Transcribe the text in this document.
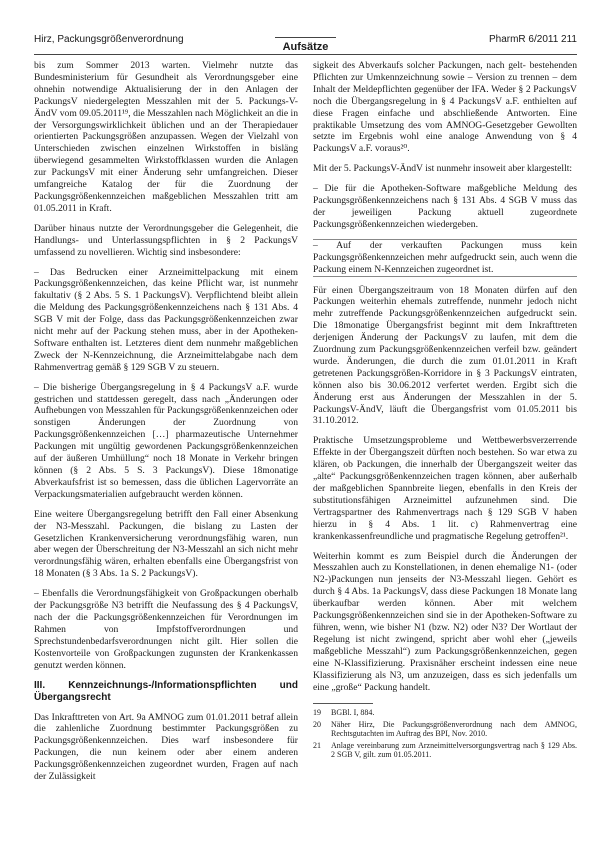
Hirz, Packungsgrößenverordnung
Aufsätze
PharmR 6/2011 211

bis zum Sommer 2013 warten. Vielmehr nutzte das Bundesministerium für Gesundheit als Verordnungsgeber eine ohnehin notwendige Aktualisierung der in den Anlagen der PackungsV niedergelegten Messzahlen mit der 5. Packungs-V-ÄndV vom 09.05.2011¹⁹, die Messzahlen nach Möglichkeit an die in der Versorgungswirklichkeit üblichen und an der Therapiedauer orientierten Packungsgrößen anzupassen. Wegen der Vielzahl von Unterschieden zwischen einzelnen Wirkstoffen in bisläng überwiegend gesammelten Wirkstoffklassen wurden die Anlagen zur PackungsV mit einer Änderung sehr umfangreichen. Dieser umfangreiche Katalog der für die Zuordnung der Packungsgrößenkennzeichen maßgeblichen Messzahlen tritt am 01.05.2011 in Kraft.

Darüber hinaus nutzte der Verordnungsgeber die Gelegenheit, die Handlungs- und Unterlassungspflichten in § 2 PackungsV umfassend zu novellieren. Wichtig sind insbesondere:

– Das Bedrucken einer Arzneimittelpackung mit einem Packungsgrößenkennzeichen, das keine Pflicht war, ist nunmehr fakultativ (§ 2 Abs. 5 S. 1 PackungsV). Verpflichtend bleibt allein die Meldung des Packungsgrößenkennzeichens nach § 131 Abs. 4 SGB V mit der Folge, dass das Packungsgrößenkennzeichen zwar nicht mehr auf der Packung stehen muss, aber in der Apotheken-Software enthalten ist. Letzteres dient dem nunmehr maßgeblichen Zweck der N-Kennzeichnung, die Arzneimittelabgabe nach dem Rahmenvertrag gemäß § 129 SGB V zu steuern.

– Die bisherige Übergangsregelung in § 4 PackungsV a.F. wurde gestrichen und stattdessen geregelt, dass nach „Änderungen oder Aufhebungen von Messzahlen für Packungsgrößenkennzeichen oder sonstigen Änderungen der Zuordnung von Packungsgrößenkennzeichen […] pharmazeutische Unternehmer Packungen mit ungültig gewordenen Packungsgrößenkennzeichen auf der äußeren Umhüllung“ noch 18 Monate in Verkehr bringen können (§ 2 Abs. 5 S. 3 PackungsV). Diese 18monatige Abverkaufsfrist ist so bemessen, dass die üblichen Lagervorräte an Verpackungsmaterialien aufgebraucht werden können.

Eine weitere Übergangsregelung betrifft den Fall einer Absenkung der N3-Messzahl. Packungen, die bislang zu Lasten der Gesetzlichen Krankenversicherung verordnungsfähig waren, nun aber wegen der Überschreitung der N3-Messzahl an sich nicht mehr verordnungsfähig wären, erhalten ebenfalls eine Übergangsfrist von 18 Monaten (§ 3 Abs. 1a S. 2 PackungsV).

– Ebenfalls die Verordnungsfähigkeit von Großpackungen oberhalb der Packungsgröße N3 betrifft die Neufassung des § 4 PackungsV, nach der die Packungsgrößenkennzeichen für Verordnungen im Rahmen von Impfstoffverordnungen und Sprechstundenbedarfsverordnungen nicht gilt. Hier sollen die Kostenvorteile von Großpackungen zugunsten der Krankenkassen genutzt werden können.

III. Kennzeichnungs-/Informationspflichten und Übergangsrecht

Das Inkrafttreten von Art. 9a AMNOG zum 01.01.2011 betraf allein die zahlenliche Zuordnung bestimmter Packungsgrößen zu Packungsgrößenkennzeichen. Dies warf insbesondere für Packungen, die nun keinem oder aber einem anderen Packungsgrößenkennzeichen zugeordnet wurden, Fragen auf nach der Zulässigkeit

sigkeit des Abverkaufs solcher Packungen, nach gelt- bestehenden Pflichten zur Umkennzeichnung sowie – Version zu trennen – dem Inhalt der Meldepflichten gegenüber der IFA. Weder § 2 PackungsV noch die Übergangsregelung in § 4 PackungsV a.F. enthielten auf diese Fragen einfache und abschließende Antworten. Eine praktikable Umsetzung des vom AMNOG-Gesetzgeber Gewollten setzte im Ergebnis wohl eine analoge Anwendung von § 4 PackungsV a.F. voraus²⁰.

Mit der 5. PackungsV-ÄndV ist nunmehr insoweit aber klargestellt:

– Die für die Apotheken-Software maßgebliche Meldung des Packungsgrößenkennzeichens nach § 131 Abs. 4 SGB V muss das der jeweiligen Packung aktuell zugeordnete Packungsgrößenkennzeichen wiedergeben.

– Auf der verkauften Packungen muss kein Packungsgrößenkennzeichen mehr aufgedruckt sein, auch wenn die Packung einem N-Kennzeichen zugeordnet ist.

Für einen Übergangszeitraum von 18 Monaten dürfen auf den Packungen weiterhin ehemals zutreffende, nunmehr jedoch nicht mehr zutreffende Packungsgrößenkennzeichen aufgedruckt sein. Die 18monatige Übergangsfrist beginnt mit dem Inkrafttreten derjenigen Änderung der PackungsV zu laufen, mit dem die Zuordnung zum Packungsgrößenkennzeichen verfeil bzw. geändert wurde. Änderungen, die durch die zum 01.01.2011 in Kraft getretenen Packungsgrößen-Korridore in § 3 PackungsV eintraten, können also bis 30.06.2012 verfertet werden. Ergibt sich die Änderung erst aus Änderungen der Messzahlen in der 5. PackungsV-ÄndV, läuft die Übergangsfrist vom 01.05.2011 bis 31.10.2012.

Praktische Umsetzungsprobleme und Wettbewerbsverzerrende Effekte in der Übergangszeit dürften noch bestehen. So war etwa zu klären, ob Packungen, die innerhalb der Übergangszeit weiter das „alte“ Packungsgrößenkennzeichen tragen können, aber außerhalb der maßgeblichen Spannbreite liegen, ebenfalls in den Kreis der substitutionsfähigen Arzneimittel aufzunehmen sind. Die Vertragspartner des Rahmenvertrags nach § 129 SGB V haben hierzu in § 4 Abs. 1 lit. c) Rahmenvertrag eine krankenkassenfreundliche und pragmatische Regelung getroffen²¹.

Weiterhin kommt es zum Beispiel durch die Änderungen der Messzahlen auch zu Konstellationen, in denen ehemalige N1- (oder N2-)Packungen nun jenseits der N3-Messzahl liegen. Gehört es durch § 4 Abs. 1a PackungsV, dass diese Packungen 18 Monate lang überkaufbar werden können. Aber mit welchem Packungsgrößenkennzeichen sind sie in der Apotheken-Software zu führen, wenn, wie bisher N1 (bzw. N2) oder N3? Der Wortlaut der Regelung ist nicht zwingend, spricht aber wohl eher („jeweils maßgebliche Messzahl“) zum Packungsgrößenkennzeichen, gegen eine N-Klassifizierung. Praxisnäher erscheint indessen eine neue Klassifizierung als N3, um anzuzeigen, dass es sich jedenfalls um eine „große“ Packung handelt.

19	BGBl. I, 884.
20	Näher Hirz, Die Packungsgrößenverordnung nach dem AMNOG, Rechtsgutachten im Auftrag des BPI, Nov. 2010.
21	Anlage vereinbarung zum Arzneimittelversorgungsvertrag nach § 129 Abs. 2 SGB V, gilt. zum 01.05.2011.
